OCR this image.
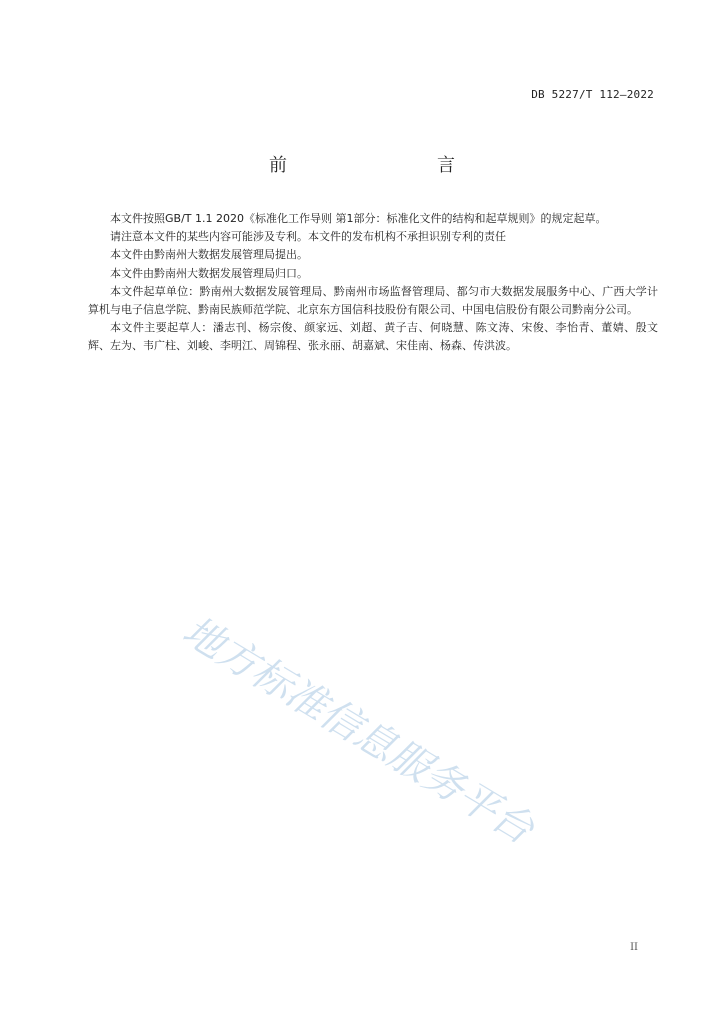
DB 5227/T 112—2022
前　　言

本文件按照GB/T 1.1 2020《标准化工作导则 第1部分：标准化文件的结构和起草规则》的规定起草。

请注意本文件的某些内容可能涉及专利。本文件的发布机构不承担识别专利的责任

本文件由黔南州大数据发展管理局提出。

本文件由黔南州大数据发展管理局归口。

本文件起草单位：黔南州大数据发展管理局、黔南州市场监督管理局、都匀市大数据发展服务中心、广西大学计算机与电子信息学院、黔南民族师范学院、北京东方国信科技股份有限公司、中国电信股份有限公司黔南分公司。

本文件主要起草人：潘志刊、杨宗俊、颜家远、刘超、黄子吉、何晓慧、陈文涛、宋俊、李怡青、董婧、殷文辉、左为、韦广柱、刘峻、李明江、周锦程、张永丽、胡嘉斌、宋佳南、杨森、传洪波。

地方标准信息服务平台
II
